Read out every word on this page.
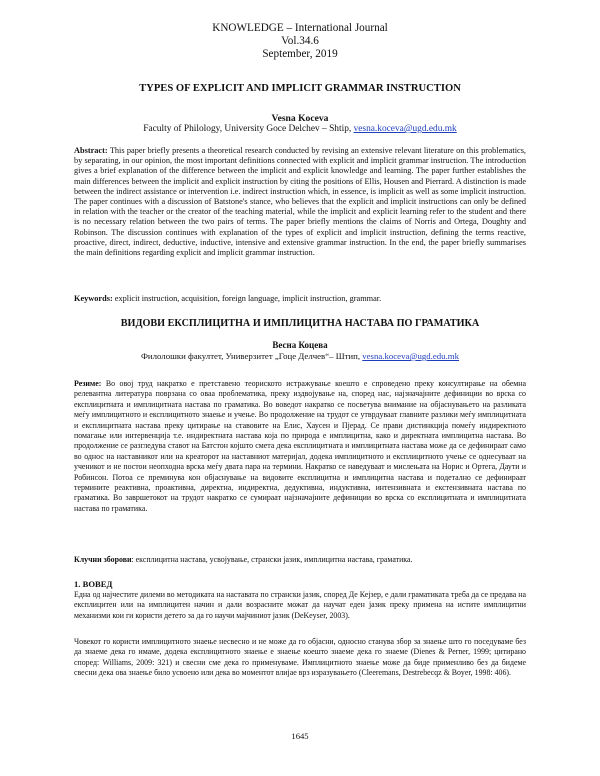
KNOWLEDGE – International Journal
Vol.34.6
September, 2019
TYPES OF EXPLICIT AND IMPLICIT GRAMMAR INSTRUCTION
Vesna Koceva
Faculty of Philology, University Goce Delchev – Shtip, vesna.koceva@ugd.edu.mk
Abstract: This paper briefly presents a theoretical research conducted by revising an extensive relevant literature on this problematics, by separating, in our opinion, the most important definitions connected with explicit and implicit grammar instruction. The introduction gives a brief explanation of the difference between the implicit and explicit knowledge and learning. The paper further establishes the main differences between the implicit and explicit instruction by citing the positions of Ellis, Housen and Pierrard. A distinction is made between the indirect assistance or intervention i.e. indirect instruction which, in essence, is implicit as well as some implicit instruction. The paper continues with a discussion of Batstone's stance, who believes that the explicit and implicit instructions can only be defined in relation with the teacher or the creator of the teaching material, while the implicit and explicit learning refer to the student and there is no necessary relation between the two pairs of terms. The paper briefly mentions the claims of Norris and Ortega, Doughty and Robinson. The discussion continues with explanation of the types of explicit and implicit instruction, defining the terms reactive, proactive, direct, indirect, deductive, inductive, intensive and extensive grammar instruction. In the end, the paper briefly summarises the main definitions regarding explicit and implicit grammar instruction.
Keywords: explicit instruction, acquisition, foreign language, implicit instruction, grammar.
ВИДОВИ ЕКСПЛИЦИТНА И ИМПЛИЦИТНА НАСТАВА ПО ГРАМАТИКА
Весна Коцева
Филолошки факултет, Универзитет „Гоце Делчев“– Штип, vesna.koceva@ugd.edu.mk
Резиме: Во овој труд накратко е претставено теориското истражување коешто е спроведено преку консултирање на обемна релевантна литература поврзана со оваа проблематика, преку издвојување на, според нас, најзначајните дефиниции во врска со експлицитната и имплицитната настава по граматика. Во воведот накратко се посветува внимание на објаснувањето на разликата меѓу имплицитното и експлицитното знаење и учење. Во продолжение на трудот се утврдуваат главните разлики меѓу имплицитната и експлицитната настава преку цитирање на ставовите на Елис, Хаусен и Пјерад. Се прави дистинкција помеѓу индиректното помагање или интервенција т.е. индиректната настава која по природа е имплицитна, како и директната имплицитна настава. Во продолжение се разгледува ставот на Батстон којшто смета дека експлицитната и имплицитната настава може да се дефинираат само во однос на наставникот или на креаторот на наставниот материјал, додека имплицитното и експлицитното учење се однесуваат на ученикот и не постои неопходна врска меѓу двата пара на термини. Накратко се наведуваат и мислењата на Норис и Ортега, Даути и Робинсон. Потоа се преминува кон објаснување на видовите експлицитна и имплицитна настава и подетално се дефинираат термините реактивна, проактивна, директна, индиректна, дедуктивна, индуктивна, интензивната и екстензивната настава по граматика. Во завршетокот на трудот накратко се сумираат најзначајните дефиниции во врска со експлицитната и имплицитната настава по граматика.
Клучни зборови: експлицитна настава, усвојување, странски јазик, имплицитна настава, граматика.
1. ВОВЕД
Една од најчестите дилеми во методиката на наставата по странски јазик, според Де Кејзер, е дали граматиката треба да се предава на експлицитен или на имплицитен начин и дали возрасните можат да научат еден јазик преку примена на истите имплицитни механизми кои ги користи детето за да го научи мајчиниот јазик (DeKeyser, 2003).
Човекот го користи имплицитното знаење несвесно и не може да го објасни, односно станува збор за знаење што го поседуваме без да знаеме дека го имаме, додека експлицитното знаење е знаење коешто знаеме дека го знаеме (Dienes & Perner, 1999; цитирано според: Williams, 2009: 321) и свесни сме дека го применуваме. Имплицитното знаење може да биде применливо без да бидеме свесни дека ова знаење било усвоено или дека во моментот влијае врз изразувањето (Cleeremans, Destrebecqz & Boyer, 1998: 406).
1645
